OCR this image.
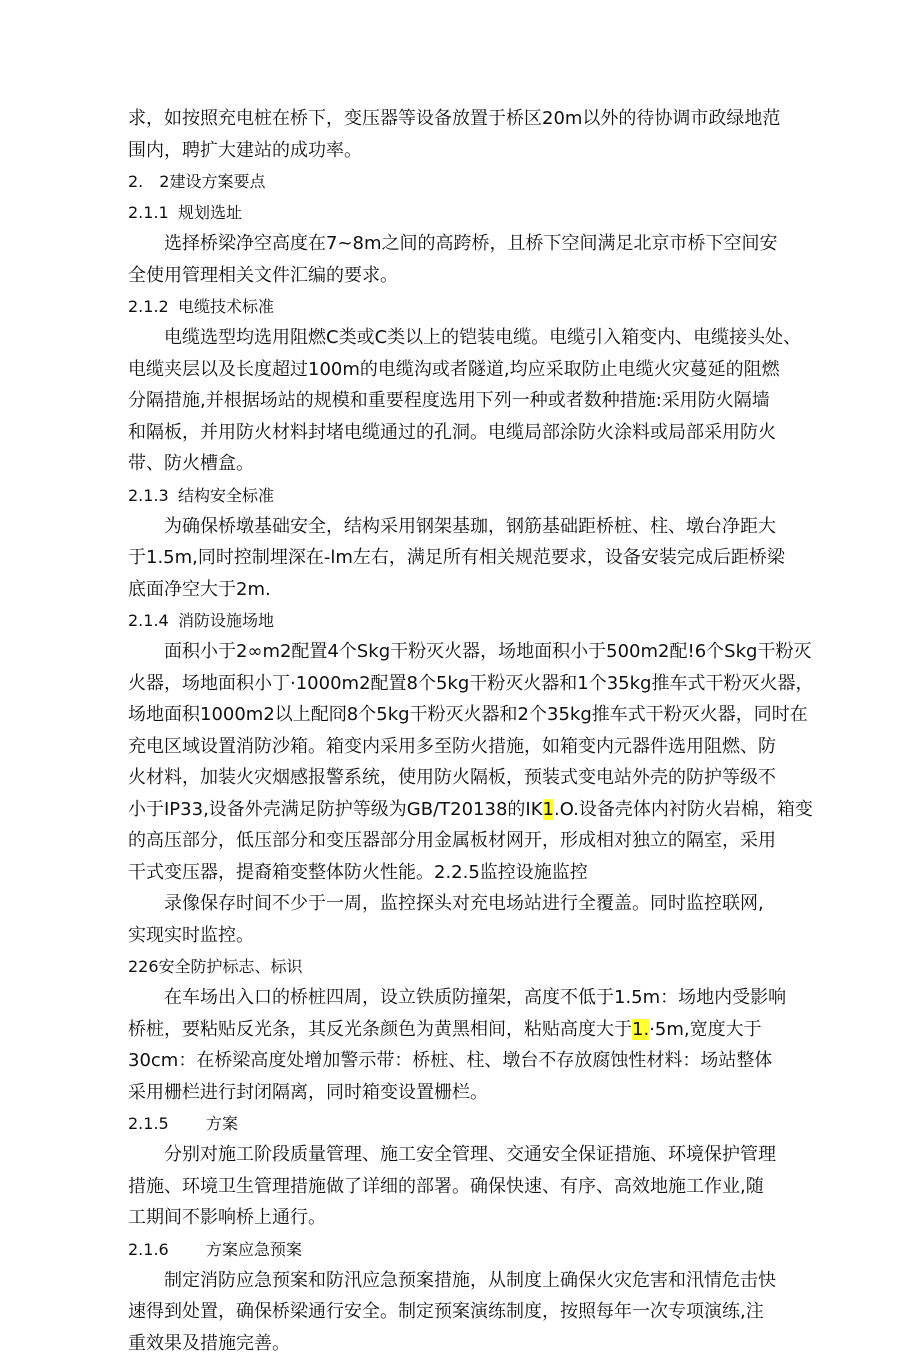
求，如按照充电桩在桥下，变压器等设备放置于桥区20m以外的待协调市政绿地范
围内，聘扩大建站的成功率。
2.　2建设方案要点
2.1.1 规划选址
选择桥梁净空高度在7~8m之间的高跨桥，且桥下空间满足北京市桥下空间安
全使用管理相关文件汇编的要求。
2.1.2 电缆技术标准
电缆选型均选用阻燃C类或C类以上的铠装电缆。电缆引入箱变内、电缆接头处、
电缆夹层以及长度超过100m的电缆沟或者隧道,均应采取防止电缆火灾蔓延的阻燃
分隔措施,并根据场站的规模和重要程度选用下列一种或者数种措施:采用防火隔墙
和隔板，并用防火材料封堵电缆通过的孔洞。电缆局部涂防火涂料或局部采用防火
带、防火槽盒。
2.1.3 结构安全标准
为确保桥墩基础安全，结构采用钢架基珈，钢筋基础距桥桩、柱、墩台净距大
于1.5m,同时控制埋深在-lm左右，满足所有相关规范要求，设备安装完成后距桥梁
底面净空大于2m.
2.1.4 消防设施场地
面积小于2∞m2配置4个Skg干粉灭火器，场地面积小于500m2配!6个Skg干粉灭
火器，场地面积小丁·1000m2配置8个5kg干粉灭火器和1个35kg推车式干粉灭火器，
场地面积1000m2以上配冏8个5kg干粉灭火器和2个35kg推车式干粉灭火器，同时在
充电区域设置消防沙箱。箱变内采用多至防火措施，如箱变内元器件选用阻燃、防
火材料，加装火灾烟感报警系统，使用防火隔板，预装式变电站外壳的防护等级不
小于IP33,设备外壳满足防护等级为GB/T20138的IK1.O.设备壳体内衬防火岩棉，箱变
的高压部分，低压部分和变压器部分用金属板材网开，形成相对独立的隔室，采用
干式变压器，提裔箱变整体防火性能。2.2.5监控设施监控
录像保存时间不少于一周，监控探头对充电场站进行全覆盖。同时监控联网,
实现实时监控。
226安全防护标志、标识
在车场出入口的桥桩四周，设立铁质防撞架，高度不低于1.5m：场地内受影响
桥桩，要粘贴反光条，其反光条颜色为黄黑相间，粘贴高度大于1.·5m,宽度大于
30cm：在桥梁高度处增加警示带：桥桩、柱、墩台不存放腐蚀性材料：场站整体
采用栅栏进行封闭隔离，同时箱变设置栅栏。
2.1.5 方案
分别对施工阶段质量管理、施工安全管理、交通安全保证措施、环境保护管理
措施、环境卫生管理措施做了详细的部署。确保快速、有序、高效地施工作业,随
工期间不影响桥上通行。
2.1.6 方案应急预案
制定消防应急预案和防汛应急预案措施，从制度上确保火灾危害和汛情危击快
速得到处置，确保桥梁通行安全。制定预案演练制度，按照每年一次专项演练,注
重效果及措施完善。
